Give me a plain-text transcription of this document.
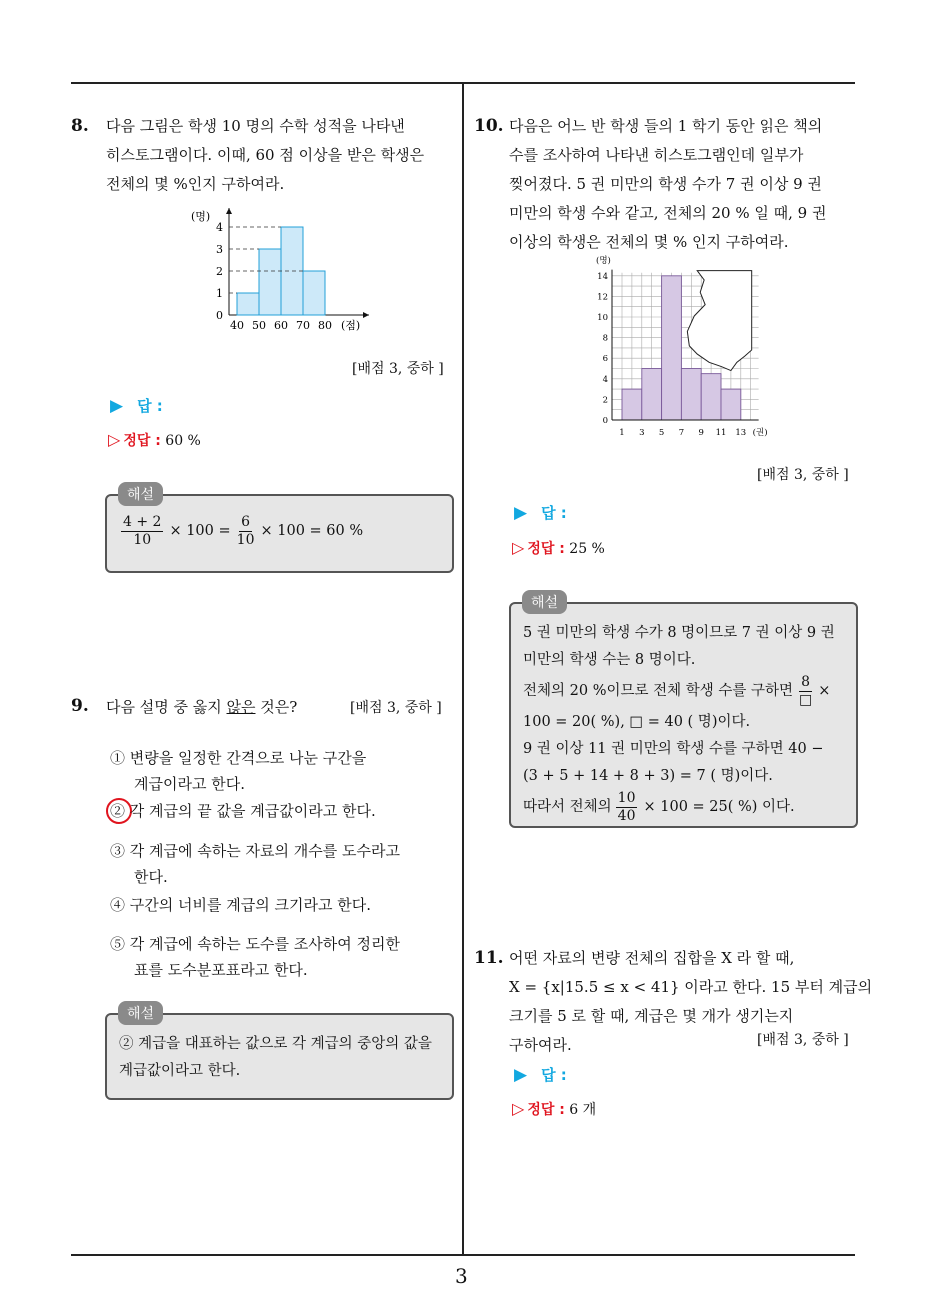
3
8. 다음 그림은 학생 10 명의 수학 성적을 나타낸
히스토그램이다. 이때, 60 점 이상을 받은 학생은
전체의 몇 %인지 구하여라.
0
1
2
3
4
40 50 60 70 80 (점)
(명)
[배점 3, 중하 ]
▶ 답 :
▷ 정답 : 60 %
$\frac{4 + 2}{10} \times 100 = \frac{6}{10} \times 100 = 60$ %
해설
9. 다음 설명 중 옳지 않은 것은?	[배점 3, 중하 ]
① 변량을 일정한 간격으로 나눈 구간을
계급이라고 한다.
② 각 계급의 끝 값을 계급값이라고 한다.
③ 각 계급에 속하는 자료의 개수를 도수라고
한다.
④ 구간의 너비를 계급의 크기라고 한다.
⑤ 각 계급에 속하는 도수를 조사하여 정리한
표를 도수분포표라고 한다.
② 계급을 대표하는 값으로 각 계급의 중앙의 값을
계급값이라고 한다.
해설
10. 다음은 어느 반 학생 들의 1 학기 동안 읽은 책의
수를 조사하여 나타낸 히스토그램인데 일부가
찢어졌다. 5 권 미만의 학생 수가 7 권 이상 9 권
미만의 학생 수와 같고, 전체의 20 % 일 때, 9 권
이상의 학생은 전체의 몇 % 인지 구하여라.
0
2
4
6
8
10
12
14
1 3 5 7 9 11 13 (권)
(명)
[배점 3, 중하 ]
▶ 답 :
▷ 정답 : 25 %
5 권 미만의 학생 수가 8 명이므로 7 권 이상 9 권
미만의 학생 수는 8 명이다.
전체의 20 %이므로 전체 학생 수를 구하면 $\frac{8}{□}$ ×
100 = 20( %), □ = 40 ( 명)이다.
9 권 이상 11 권 미만의 학생 수를 구하면 40 −
(3 + 5 + 14 + 8 + 3) = 7 ( 명)이다.
따라서 전체의 $\frac{10}{40} \times 100 = 25$( %) 이다.
해설
11. 어떤 자료의 변량 전체의 집합을 X 라 할 때,
X = {x|15.5 ≤ x < 41} 이라고 한다. 15 부터 계급의
크기를 5 로 할 때, 계급은 몇 개가 생기는지
구하여라.	[배점 3, 중하 ]
▶ 답 :
▷ 정답 : 6 개
